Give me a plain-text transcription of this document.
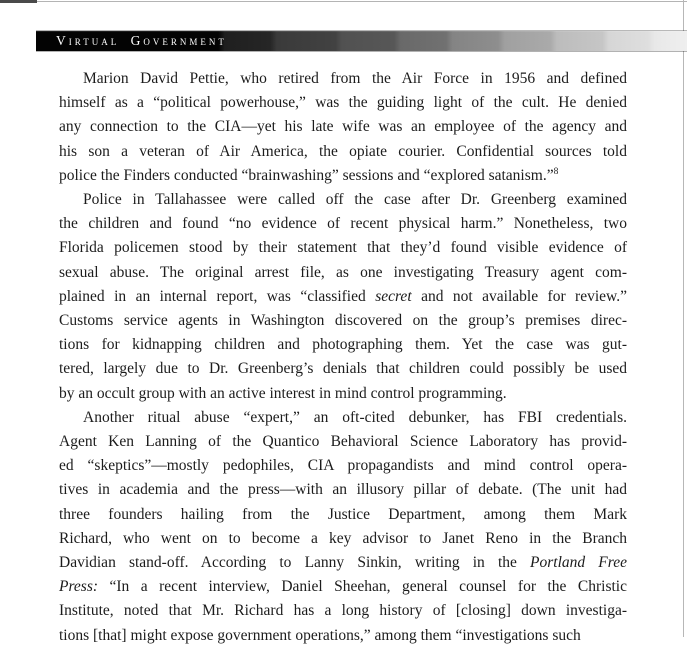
Virtual Government
Marion David Pettie, who retired from the Air Force in 1956 and defined
himself as a “political powerhouse,” was the guiding light of the cult. He denied
any connection to the CIA—yet his late wife was an employee of the agency and
his son a veteran of Air America, the opiate courier. Confidential sources told
police the Finders conducted “brainwashing” sessions and “explored satanism.”$^8$
Police in Tallahassee were called off the case after Dr. Greenberg examined
the children and found “no evidence of recent physical harm.” Nonetheless, two
Florida policemen stood by their statement that they’d found visible evidence of
sexual abuse. The original arrest file, as one investigating Treasury agent com-
plained in an internal report, was “classified secret and not available for review.”
Customs service agents in Washington discovered on the group’s premises direc-
tions for kidnapping children and photographing them. Yet the case was gut-
tered, largely due to Dr. Greenberg’s denials that children could possibly be used
by an occult group with an active interest in mind control programming.
Another ritual abuse “expert,” an oft-cited debunker, has FBI credentials.
Agent Ken Lanning of the Quantico Behavioral Science Laboratory has provid-
ed “skeptics”—mostly pedophiles, CIA propagandists and mind control opera-
tives in academia and the press—with an illusory pillar of debate. (The unit had
three founders hailing from the Justice Department, among them Mark
Richard, who went on to become a key advisor to Janet Reno in the Branch
Davidian stand-off. According to Lanny Sinkin, writing in the Portland Free
Press: “In a recent interview, Daniel Sheehan, general counsel for the Christic
Institute, noted that Mr. Richard has a long history of [closing] down investiga-
tions [that] might expose government operations,” among them “investigations such
